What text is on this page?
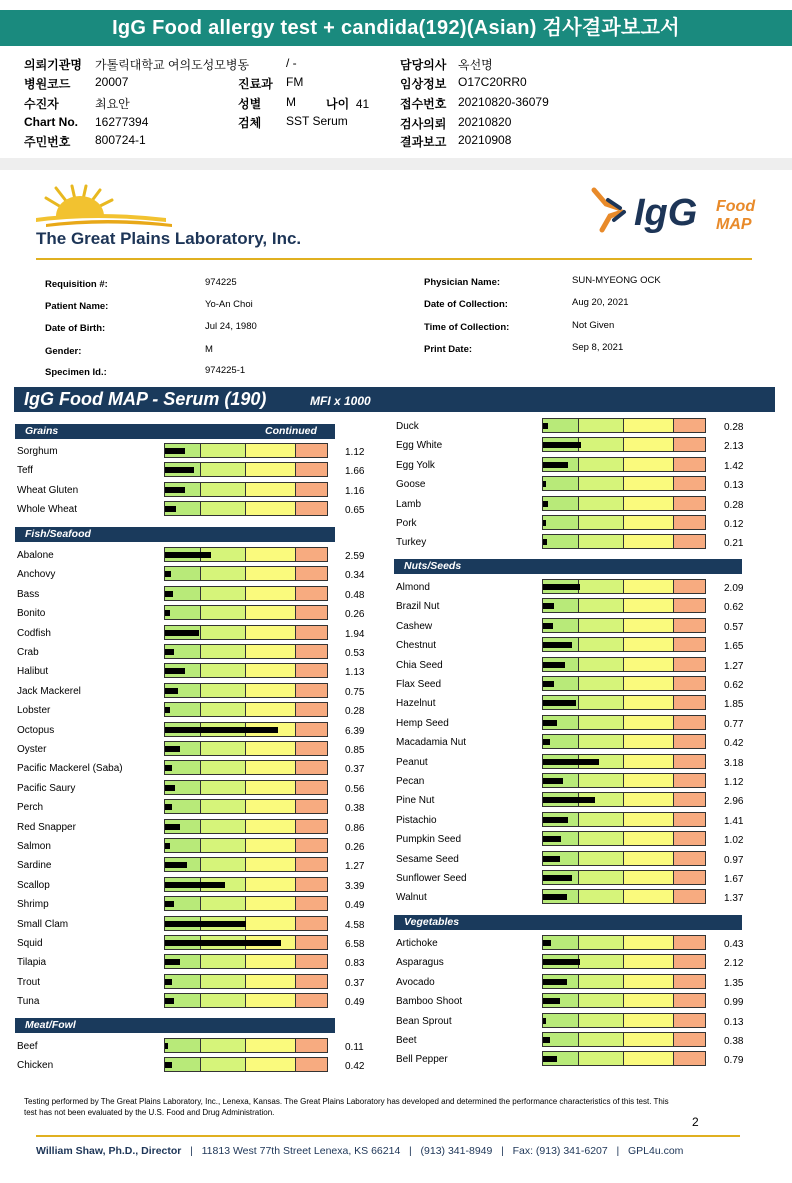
IgG Food allergy test + candida(192)(Asian) 검사결과보고서
의뢰기관명 가톨릭대학교 여의도성모병동
병원코드 20007
수진자	최요안
Chart No. 16277394
주민번호 800724-1
/ -
진료과 FM
성별 M
검체 SST Serum
담당의사 옥선명
임상정보 O17C20RR0
접수번호 20210820-36079
검사의뢰 20210820
결과보고 20210908
나이 41
The Great Plains Laboratory, Inc.
IgG Food
MAP
Requisition #:	974225
Patient Name:	Yo-An Choi
Date of Birth:	Jul 24, 1980
Gender:	M
Specimen Id.:	974225-1
Physician Name:	SUN-MYEONG OCK
Date of Collection:	Aug 20, 2021
Time of Collection:	Not Given
Print Date:	Sep 8, 2021
IgG Food MAP - Serum (190)	MFI x 1000
Grains	Continued
Sorghum	1.12
Teff	1.66
Wheat Gluten	1.16
Whole Wheat	0.65
Fish/Seafood
Abalone	2.59
Anchovy	0.34
Bass	0.48
Bonito	0.26
Codfish	1.94
Crab	0.53
Halibut	1.13
Jack Mackerel	0.75
Lobster	0.28
Octopus	6.39
Oyster	0.85
Pacific Mackerel (Saba)	0.37
Pacific Saury	0.56
Perch	0.38
Red Snapper	0.86
Salmon	0.26
Sardine	1.27
Scallop	3.39
Shrimp	0.49
Small Clam	4.58
Squid	6.58
Tilapia	0.83
Trout	0.37
Tuna	0.49
Meat/Fowl
Beef	0.11
Chicken	0.42
Duck	0.28
Egg White	2.13
Egg Yolk	1.42
Goose	0.13
Lamb	0.28
Pork	0.12
Turkey	0.21
Nuts/Seeds
Almond	2.09
Brazil Nut	0.62
Cashew	0.57
Chestnut	1.65
Chia Seed	1.27
Flax Seed	0.62
Hazelnut	1.85
Hemp Seed	0.77
Macadamia Nut	0.42
Peanut	3.18
Pecan	1.12
Pine Nut	2.96
Pistachio	1.41
Pumpkin Seed	1.02
Sesame Seed	0.97
Sunflower Seed	1.67
Walnut	1.37
Vegetables
Artichoke	0.43
Asparagus	2.12
Avocado	1.35
Bamboo Shoot	0.99
Bean Sprout	0.13
Beet	0.38
Bell Pepper	0.79
Testing performed by The Great Plains Laboratory, Inc., Lenexa, Kansas. The Great Plains Laboratory has developed and determined the performance characteristics of this test. This test has not been evaluated by the U.S. Food and Drug Administration.
2
William Shaw, Ph.D., Director   |   11813 West 77th Street Lenexa, KS 66214   |   (913) 341-8949   |   Fax: (913) 341-6207   |   GPL4u.com
